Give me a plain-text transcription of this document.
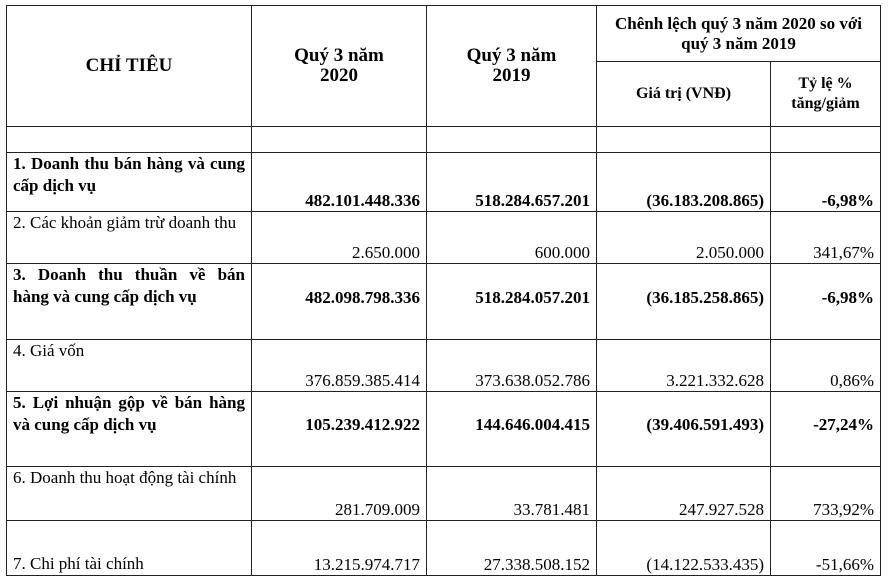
CHỈ TIÊU	Quý 3 năm 2020	Quý 3 năm 2019	Chênh lệch quý 3 năm 2020 so với quý 3 năm 2019	

			Giá trị (VNĐ)	Tỷ lệ % tăng/giảm

1. Doanh thu bán hàng và cung cấp dịch vụ	482.101.448.336	518.284.657.201	(36.183.208.865)	-6,98%
2. Các khoản giảm trừ doanh thu	2.650.000	600.000	2.050.000	341,67%
3. Doanh thu thuần về bán hàng và cung cấp dịch vụ	482.098.798.336	518.284.057.201	(36.185.258.865)	-6,98%
4. Giá vốn	376.859.385.414	373.638.052.786	3.221.332.628	0,86%
5. Lợi nhuận gộp về bán hàng và cung cấp dịch vụ	105.239.412.922	144.646.004.415	(39.406.591.493)	-27,24%
6. Doanh thu hoạt động tài chính	281.709.009	33.781.481	247.927.528	733,92%
7. Chi phí tài chính	13.215.974.717	27.338.508.152	(14.122.533.435)	-51,66%
